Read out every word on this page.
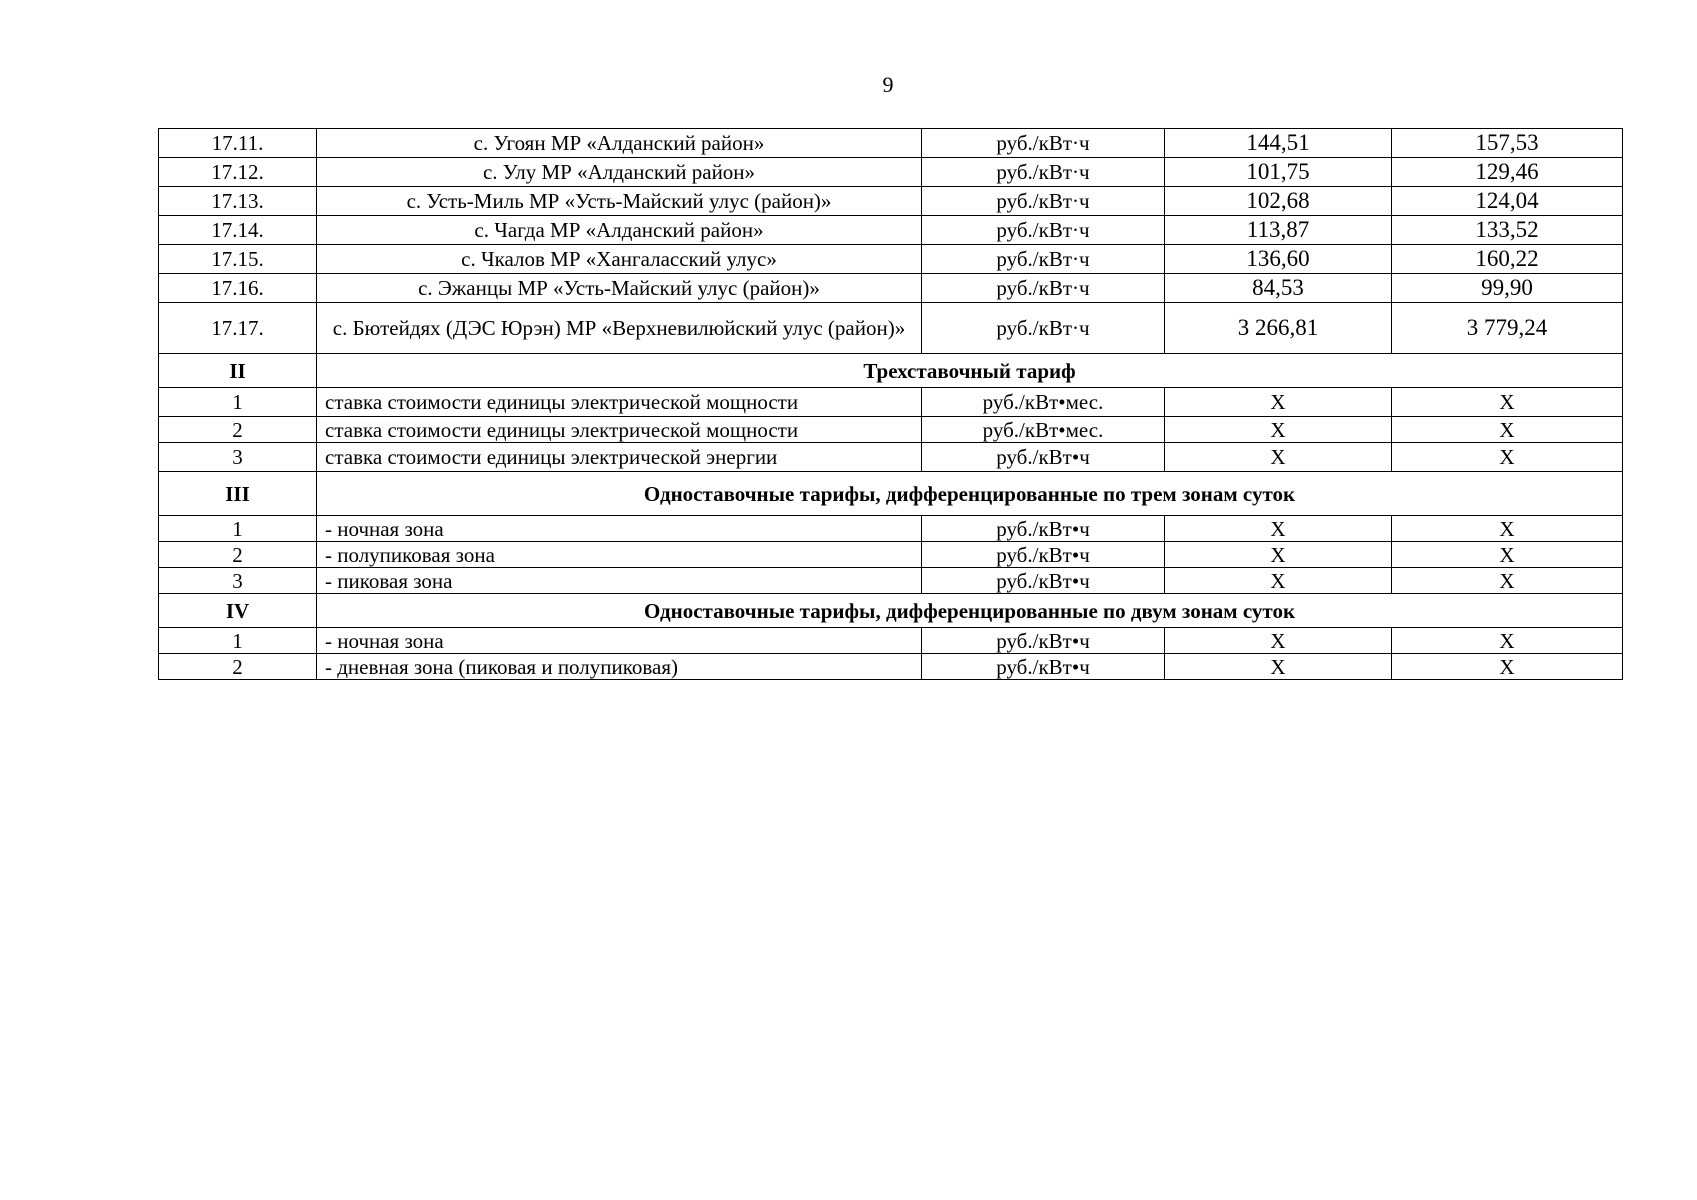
9
17.11.	с. Угоян МР «Алданский район»	руб./кВт·ч	144,51	157,53
17.12.	с. Улу МР «Алданский район»	руб./кВт·ч	101,75	129,46
17.13.	с. Усть-Миль МР «Усть-Майский улус (район)»	руб./кВт·ч	102,68	124,04
17.14.	с. Чагда МР «Алданский район»	руб./кВт·ч	113,87	133,52
17.15.	с. Чкалов МР «Хангаласский улус»	руб./кВт·ч	136,60	160,22
17.16.	с. Эжанцы МР «Усть-Майский улус (район)»	руб./кВт·ч	84,53	99,90
17.17.	с. Бютейдях (ДЭС Юрэн) МР «Верхневилюйский улус (район)»	руб./кВт·ч	3 266,81	3 779,24
II	Трехставочный тариф			
1	ставка стоимости единицы электрической мощности	руб./кВт•мес.	X	X
2	ставка стоимости единицы электрической мощности	руб./кВт•мес.	X	X
3	ставка стоимости единицы электрической энергии	руб./кВт•ч	X	X
III	Одноставочные тарифы, дифференцированные по трем зонам суток			
1	- ночная зона	руб./кВт•ч	X	X
2	- полупиковая зона	руб./кВт•ч	X	X
3	- пиковая зона	руб./кВт•ч	X	X
IV	Одноставочные тарифы, дифференцированные по двум зонам суток			
1	- ночная зона	руб./кВт•ч	X	X
2	- дневная зона (пиковая и полупиковая)	руб./кВт•ч	X	X
